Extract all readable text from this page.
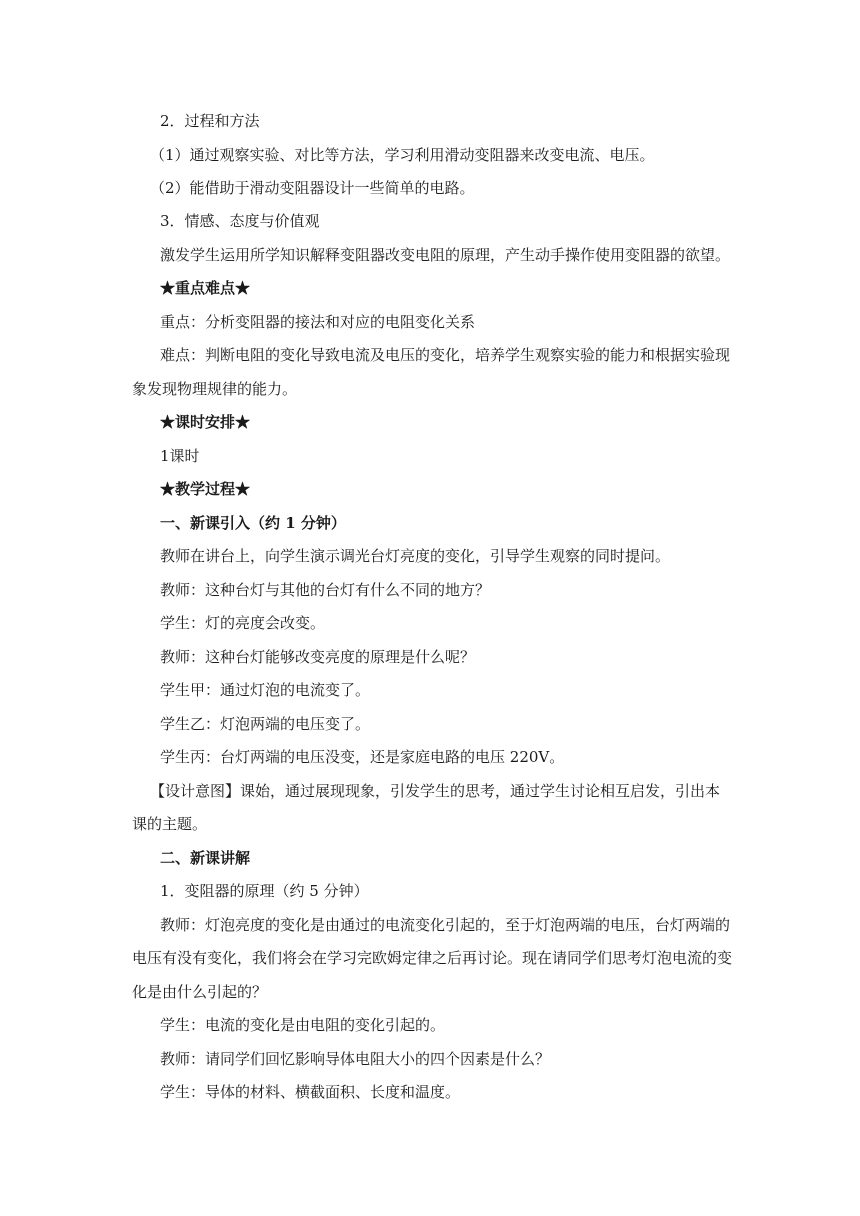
2．过程和方法
（1）通过观察实验、对比等方法，学习利用滑动变阻器来改变电流、电压。
（2）能借助于滑动变阻器设计一些简单的电路。
3．情感、态度与价值观
激发学生运用所学知识解释变阻器改变电阻的原理，产生动手操作使用变阻器的欲望。
★重点难点★
重点：分析变阻器的接法和对应的电阻变化关系
难点：判断电阻的变化导致电流及电压的变化，培养学生观察实验的能力和根据实验现
象发现物理规律的能力。
★课时安排★
1课时
★教学过程★
一、新课引入（约 1 分钟）
教师在讲台上，向学生演示调光台灯亮度的变化，引导学生观察的同时提问。
教师：这种台灯与其他的台灯有什么不同的地方？
学生：灯的亮度会改变。
教师：这种台灯能够改变亮度的原理是什么呢？
学生甲：通过灯泡的电流变了。
学生乙：灯泡两端的电压变了。
学生丙：台灯两端的电压没变，还是家庭电路的电压 220V。
【设计意图】课始，通过展现现象，引发学生的思考，通过学生讨论相互启发，引出本
课的主题。
二、新课讲解
1．变阻器的原理（约 5 分钟）
教师：灯泡亮度的变化是由通过的电流变化引起的，至于灯泡两端的电压，台灯两端的
电压有没有变化，我们将会在学习完欧姆定律之后再讨论。现在请同学们思考灯泡电流的变
化是由什么引起的？
学生：电流的变化是由电阻的变化引起的。
教师：请同学们回忆影响导体电阻大小的四个因素是什么？
学生：导体的材料、横截面积、长度和温度。
